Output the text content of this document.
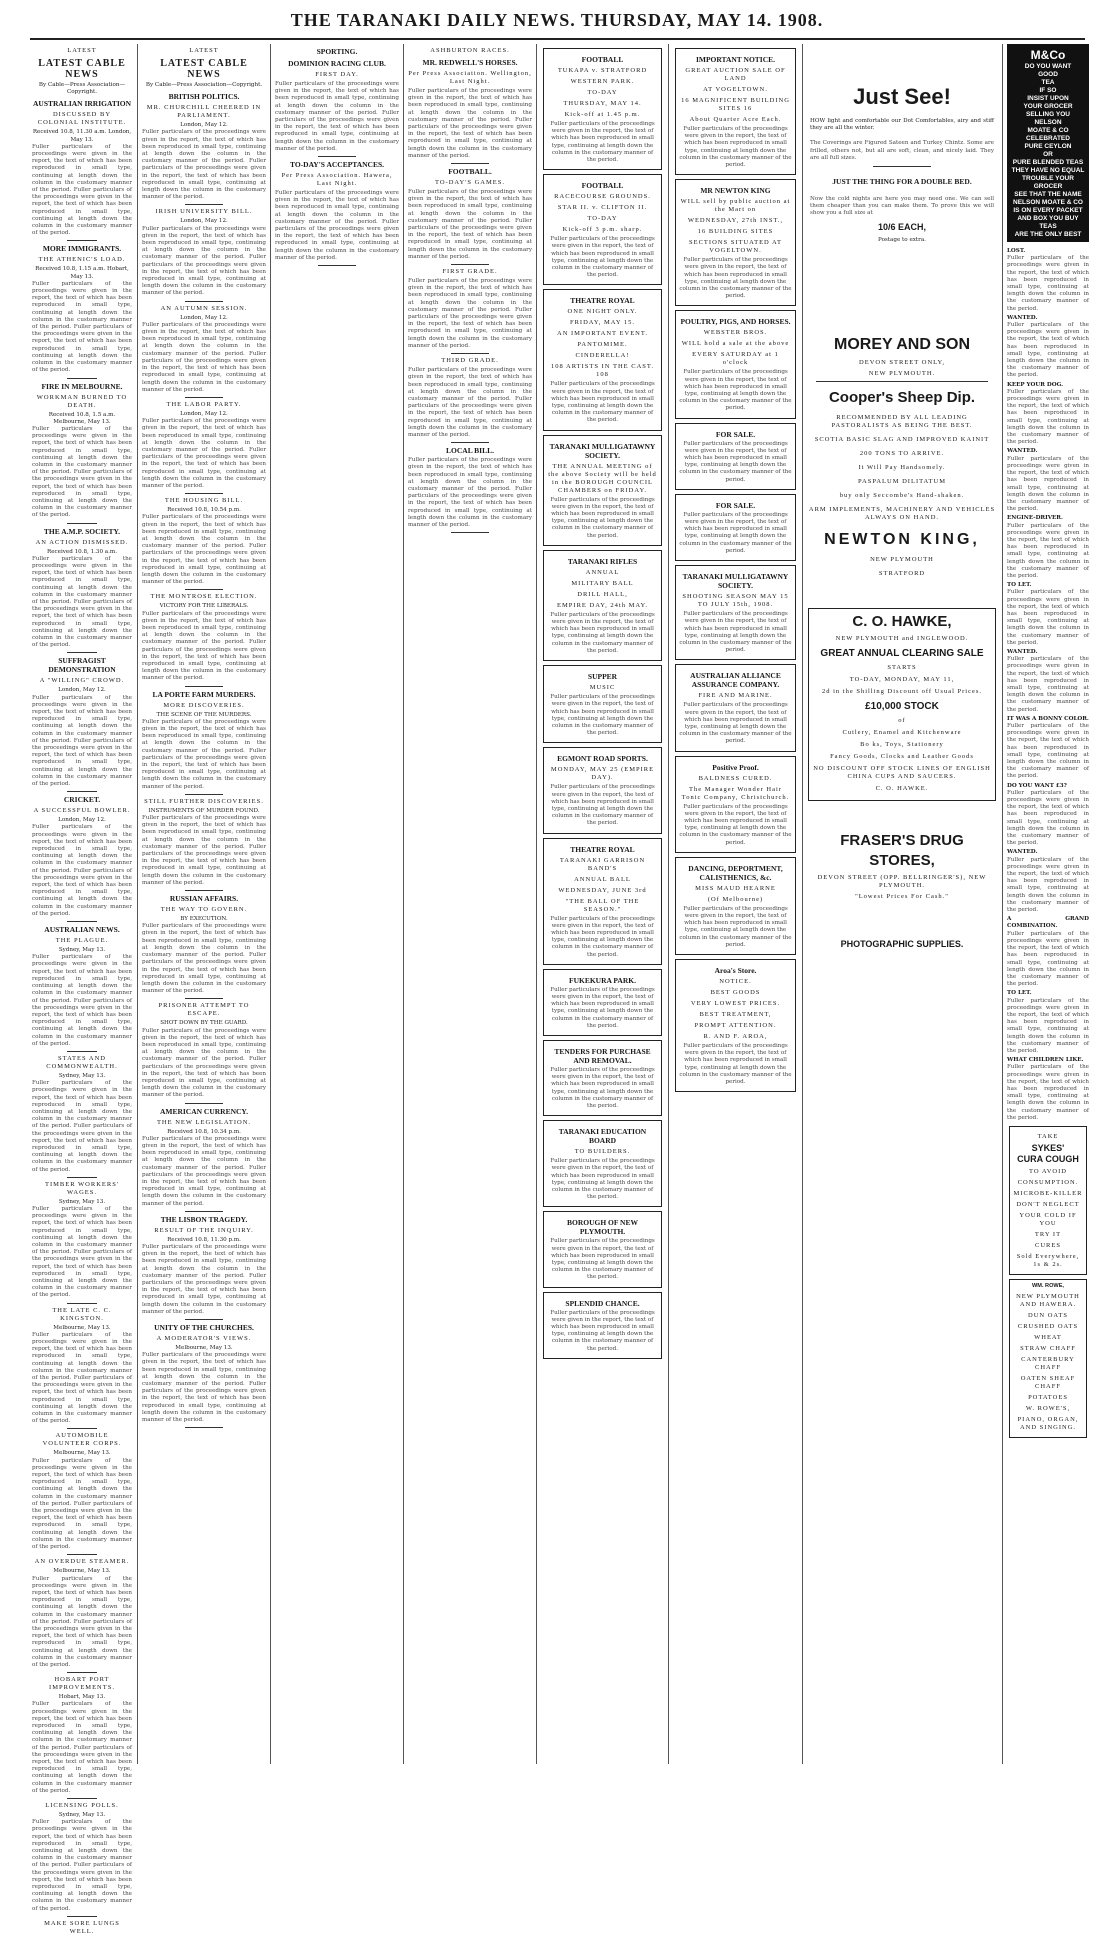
THE TARANAKI DAILY NEWS. THURSDAY, MAY 14. 1908.
LATEST
LATEST CABLE NEWS
By Cable—Press Association—Copyright.
AUSTRALIAN IRRIGATION
DISCUSSED BY COLONIAL INSTITUTE.
Received 10.8, 11.30 a.m. London, May 13.

Fuller particulars of the proceedings were given in the report, the text of which has been reproduced in small type, continuing at length down the column in the customary manner of the period. Fuller particulars of the proceedings were given in the report, the text of which has been reproduced in small type, continuing at length down the column in the customary manner of the period.

MORE IMMIGRANTS.
THE ATHENIC'S LOAD.
Received 10.8, 1.15 a.m. Hobart, May 13.

Fuller particulars of the proceedings were given in the report, the text of which has been reproduced in small type, continuing at length down the column in the customary manner of the period. Fuller particulars of the proceedings were given in the report, the text of which has been reproduced in small type, continuing at length down the column in the customary manner of the period.

FIRE IN MELBOURNE.
WORKMAN BURNED TO DEATH.
Received 10.8, 1.5 a.m. Melbourne, May 13.

Fuller particulars of the proceedings were given in the report, the text of which has been reproduced in small type, continuing at length down the column in the customary manner of the period. Fuller particulars of the proceedings were given in the report, the text of which has been reproduced in small type, continuing at length down the column in the customary manner of the period.

THE A.M.P. SOCIETY.
AN ACTION DISMISSED.
Received 10.8, 1.30 a.m.

Fuller particulars of the proceedings were given in the report, the text of which has been reproduced in small type, continuing at length down the column in the customary manner of the period. Fuller particulars of the proceedings were given in the report, the text of which has been reproduced in small type, continuing at length down the column in the customary manner of the period.

SUFFRAGIST DEMONSTRATION
A "WILLING" CROWD.
London, May 12.

Fuller particulars of the proceedings were given in the report, the text of which has been reproduced in small type, continuing at length down the column in the customary manner of the period. Fuller particulars of the proceedings were given in the report, the text of which has been reproduced in small type, continuing at length down the column in the customary manner of the period.

CRICKET.
A SUCCESSFUL BOWLER.
London, May 12.

Fuller particulars of the proceedings were given in the report, the text of which has been reproduced in small type, continuing at length down the column in the customary manner of the period. Fuller particulars of the proceedings were given in the report, the text of which has been reproduced in small type, continuing at length down the column in the customary manner of the period.

AUSTRALIAN NEWS.
THE PLAGUE.
Sydney, May 13.

Fuller particulars of the proceedings were given in the report, the text of which has been reproduced in small type, continuing at length down the column in the customary manner of the period. Fuller particulars of the proceedings were given in the report, the text of which has been reproduced in small type, continuing at length down the column in the customary manner of the period.

STATES AND COMMONWEALTH.
Sydney, May 13.

Fuller particulars of the proceedings were given in the report, the text of which has been reproduced in small type, continuing at length down the column in the customary manner of the period. Fuller particulars of the proceedings were given in the report, the text of which has been reproduced in small type, continuing at length down the column in the customary manner of the period.

TIMBER WORKERS' WAGES.
Sydney, May 13.

Fuller particulars of the proceedings were given in the report, the text of which has been reproduced in small type, continuing at length down the column in the customary manner of the period. Fuller particulars of the proceedings were given in the report, the text of which has been reproduced in small type, continuing at length down the column in the customary manner of the period.

THE LATE C. C. KINGSTON.
Melbourne, May 13.

Fuller particulars of the proceedings were given in the report, the text of which has been reproduced in small type, continuing at length down the column in the customary manner of the period. Fuller particulars of the proceedings were given in the report, the text of which has been reproduced in small type, continuing at length down the column in the customary manner of the period.

AUTOMOBILE VOLUNTEER CORPS.
Melbourne, May 13.

Fuller particulars of the proceedings were given in the report, the text of which has been reproduced in small type, continuing at length down the column in the customary manner of the period. Fuller particulars of the proceedings were given in the report, the text of which has been reproduced in small type, continuing at length down the column in the customary manner of the period.

AN OVERDUE STEAMER.
Melbourne, May 13.

Fuller particulars of the proceedings were given in the report, the text of which has been reproduced in small type, continuing at length down the column in the customary manner of the period. Fuller particulars of the proceedings were given in the report, the text of which has been reproduced in small type, continuing at length down the column in the customary manner of the period.

HOBART PORT IMPROVEMENTS.
Hobart, May 13.

Fuller particulars of the proceedings were given in the report, the text of which has been reproduced in small type, continuing at length down the column in the customary manner of the period. Fuller particulars of the proceedings were given in the report, the text of which has been reproduced in small type, continuing at length down the column in the customary manner of the period.

LICENSING POLLS.
Sydney, May 13.

Fuller particulars of the proceedings were given in the report, the text of which has been reproduced in small type, continuing at length down the column in the customary manner of the period. Fuller particulars of the proceedings were given in the report, the text of which has been reproduced in small type, continuing at length down the column in the customary manner of the period.

MAKE SORE LUNGS WELL.
LATEST
LATEST CABLE NEWS
By Cable—Press Association—Copyright.
BRITISH POLITICS.
MR. CHURCHILL CHEERED IN PARLIAMENT.
London, May 12.

Fuller particulars of the proceedings were given in the report, the text of which has been reproduced in small type, continuing at length down the column in the customary manner of the period. Fuller particulars of the proceedings were given in the report, the text of which has been reproduced in small type, continuing at length down the column in the customary manner of the period.

IRISH UNIVERSITY BILL.
London, May 12.

Fuller particulars of the proceedings were given in the report, the text of which has been reproduced in small type, continuing at length down the column in the customary manner of the period. Fuller particulars of the proceedings were given in the report, the text of which has been reproduced in small type, continuing at length down the column in the customary manner of the period.

AN AUTUMN SESSION.
London, May 12.

Fuller particulars of the proceedings were given in the report, the text of which has been reproduced in small type, continuing at length down the column in the customary manner of the period. Fuller particulars of the proceedings were given in the report, the text of which has been reproduced in small type, continuing at length down the column in the customary manner of the period.

THE LABOR PARTY.
London, May 12.

Fuller particulars of the proceedings were given in the report, the text of which has been reproduced in small type, continuing at length down the column in the customary manner of the period. Fuller particulars of the proceedings were given in the report, the text of which has been reproduced in small type, continuing at length down the column in the customary manner of the period.

THE HOUSING BILL.
Received 10.8, 10.54 p.m.

Fuller particulars of the proceedings were given in the report, the text of which has been reproduced in small type, continuing at length down the column in the customary manner of the period. Fuller particulars of the proceedings were given in the report, the text of which has been reproduced in small type, continuing at length down the column in the customary manner of the period.

THE MONTROSE ELECTION.
VICTORY FOR THE LIBERALS.

Fuller particulars of the proceedings were given in the report, the text of which has been reproduced in small type, continuing at length down the column in the customary manner of the period. Fuller particulars of the proceedings were given in the report, the text of which has been reproduced in small type, continuing at length down the column in the customary manner of the period.

LA PORTE FARM MURDERS.
MORE DISCOVERIES.
THE SCENE OF THE MURDERS.

Fuller particulars of the proceedings were given in the report, the text of which has been reproduced in small type, continuing at length down the column in the customary manner of the period. Fuller particulars of the proceedings were given in the report, the text of which has been reproduced in small type, continuing at length down the column in the customary manner of the period.

STILL FURTHER DISCOVERIES.
INSTRUMENTS OF MURDER FOUND.

Fuller particulars of the proceedings were given in the report, the text of which has been reproduced in small type, continuing at length down the column in the customary manner of the period. Fuller particulars of the proceedings were given in the report, the text of which has been reproduced in small type, continuing at length down the column in the customary manner of the period.

RUSSIAN AFFAIRS.
THE WAY TO GOVERN.
BY EXECUTION.

Fuller particulars of the proceedings were given in the report, the text of which has been reproduced in small type, continuing at length down the column in the customary manner of the period. Fuller particulars of the proceedings were given in the report, the text of which has been reproduced in small type, continuing at length down the column in the customary manner of the period.

PRISONER ATTEMPT TO ESCAPE.
SHOT DOWN BY THE GUARD.

Fuller particulars of the proceedings were given in the report, the text of which has been reproduced in small type, continuing at length down the column in the customary manner of the period. Fuller particulars of the proceedings were given in the report, the text of which has been reproduced in small type, continuing at length down the column in the customary manner of the period.

AMERICAN CURRENCY.
THE NEW LEGISLATION.
Received 10.8, 10.34 p.m.

Fuller particulars of the proceedings were given in the report, the text of which has been reproduced in small type, continuing at length down the column in the customary manner of the period. Fuller particulars of the proceedings were given in the report, the text of which has been reproduced in small type, continuing at length down the column in the customary manner of the period.

THE LISBON TRAGEDY.
RESULT OF THE INQUIRY.
Received 10.8, 11.30 p.m.

Fuller particulars of the proceedings were given in the report, the text of which has been reproduced in small type, continuing at length down the column in the customary manner of the period. Fuller particulars of the proceedings were given in the report, the text of which has been reproduced in small type, continuing at length down the column in the customary manner of the period.

UNITY OF THE CHURCHES.
A MODERATOR'S VIEWS.
Melbourne, May 13.

Fuller particulars of the proceedings were given in the report, the text of which has been reproduced in small type, continuing at length down the column in the customary manner of the period. Fuller particulars of the proceedings were given in the report, the text of which has been reproduced in small type, continuing at length down the column in the customary manner of the period.

SPORTING.
DOMINION RACING CLUB.
FIRST DAY.

Fuller particulars of the proceedings were given in the report, the text of which has been reproduced in small type, continuing at length down the column in the customary manner of the period. Fuller particulars of the proceedings were given in the report, the text of which has been reproduced in small type, continuing at length down the column in the customary manner of the period.

TO-DAY'S ACCEPTANCES.
Per Press Association. Hawera, Last Night.

Fuller particulars of the proceedings were given in the report, the text of which has been reproduced in small type, continuing at length down the column in the customary manner of the period. Fuller particulars of the proceedings were given in the report, the text of which has been reproduced in small type, continuing at length down the column in the customary manner of the period.

ASHBURTON RACES.
MR. REDWELL'S HORSES.
Per Press Association. Wellington, Last Night.

Fuller particulars of the proceedings were given in the report, the text of which has been reproduced in small type, continuing at length down the column in the customary manner of the period. Fuller particulars of the proceedings were given in the report, the text of which has been reproduced in small type, continuing at length down the column in the customary manner of the period.

FOOTBALL.
TO-DAY'S GAMES.

Fuller particulars of the proceedings were given in the report, the text of which has been reproduced in small type, continuing at length down the column in the customary manner of the period. Fuller particulars of the proceedings were given in the report, the text of which has been reproduced in small type, continuing at length down the column in the customary manner of the period.

FIRST GRADE.

Fuller particulars of the proceedings were given in the report, the text of which has been reproduced in small type, continuing at length down the column in the customary manner of the period. Fuller particulars of the proceedings were given in the report, the text of which has been reproduced in small type, continuing at length down the column in the customary manner of the period.

THIRD GRADE.

Fuller particulars of the proceedings were given in the report, the text of which has been reproduced in small type, continuing at length down the column in the customary manner of the period. Fuller particulars of the proceedings were given in the report, the text of which has been reproduced in small type, continuing at length down the column in the customary manner of the period.

LOCAL BILL.

Fuller particulars of the proceedings were given in the report, the text of which has been reproduced in small type, continuing at length down the column in the customary manner of the period. Fuller particulars of the proceedings were given in the report, the text of which has been reproduced in small type, continuing at length down the column in the customary manner of the period.

FOOTBALL
TUKAPA v. STRATFORD
WESTERN PARK.
TO-DAY
THURSDAY, MAY 14.
Kick-off at 1.45 p.m.

Fuller particulars of the proceedings were given in the report, the text of which has been reproduced in small type, continuing at length down the column in the customary manner of the period.

FOOTBALL
RACECOURSE GROUNDS.
STAR II. v. CLIFTON II.
TO-DAY
Kick-off 3 p.m. sharp.

Fuller particulars of the proceedings were given in the report, the text of which has been reproduced in small type, continuing at length down the column in the customary manner of the period.

THEATRE ROYAL
ONE NIGHT ONLY.
FRIDAY, MAY 15.
AN IMPORTANT EVENT.
PANTOMIME.
CINDERELLA!
108 ARTISTS IN THE CAST. 108

Fuller particulars of the proceedings were given in the report, the text of which has been reproduced in small type, continuing at length down the column in the customary manner of the period.

TARANAKI MULLIGATAWNY SOCIETY.
THE ANNUAL MEETING of the above Society will be held in the BOROUGH COUNCIL CHAMBERS on FRIDAY.

Fuller particulars of the proceedings were given in the report, the text of which has been reproduced in small type, continuing at length down the column in the customary manner of the period.

TARANAKI RIFLES
ANNUAL
MILITARY BALL
DRILL HALL,
EMPIRE DAY, 24th MAY.

Fuller particulars of the proceedings were given in the report, the text of which has been reproduced in small type, continuing at length down the column in the customary manner of the period.

SUPPER
MUSIC

Fuller particulars of the proceedings were given in the report, the text of which has been reproduced in small type, continuing at length down the column in the customary manner of the period.

EGMONT ROAD SPORTS.
MONDAY, MAY 25 (EMPIRE DAY).

Fuller particulars of the proceedings were given in the report, the text of which has been reproduced in small type, continuing at length down the column in the customary manner of the period.

THEATRE ROYAL
TARANAKI GARRISON BAND'S
ANNUAL BALL
WEDNESDAY, JUNE 3rd
"THE BALL OF THE SEASON."

Fuller particulars of the proceedings were given in the report, the text of which has been reproduced in small type, continuing at length down the column in the customary manner of the period.

FUKEKURA PARK.

Fuller particulars of the proceedings were given in the report, the text of which has been reproduced in small type, continuing at length down the column in the customary manner of the period.

TENDERS FOR PURCHASE AND REMOVAL.

Fuller particulars of the proceedings were given in the report, the text of which has been reproduced in small type, continuing at length down the column in the customary manner of the period.

TARANAKI EDUCATION BOARD
TO BUILDERS.

Fuller particulars of the proceedings were given in the report, the text of which has been reproduced in small type, continuing at length down the column in the customary manner of the period.

BOROUGH OF NEW PLYMOUTH.

Fuller particulars of the proceedings were given in the report, the text of which has been reproduced in small type, continuing at length down the column in the customary manner of the period.

SPLENDID CHANCE.

Fuller particulars of the proceedings were given in the report, the text of which has been reproduced in small type, continuing at length down the column in the customary manner of the period.

IMPORTANT NOTICE.
GREAT AUCTION SALE OF LAND
AT VOGELTOWN.
16 MAGNIFICENT BUILDING SITES 16
About Quarter Acre Each.

Fuller particulars of the proceedings were given in the report, the text of which has been reproduced in small type, continuing at length down the column in the customary manner of the period.

MR NEWTON KING
WILL sell by public auction at the Mart on
WEDNESDAY, 27th INST.,
16 BUILDING SITES
SECTIONS SITUATED AT VOGELTOWN.

Fuller particulars of the proceedings were given in the report, the text of which has been reproduced in small type, continuing at length down the column in the customary manner of the period.

POULTRY, PIGS, AND HORSES.
WEBSTER BROS.
WILL hold a sale at the above
EVERY SATURDAY at 1 o'clock

Fuller particulars of the proceedings were given in the report, the text of which has been reproduced in small type, continuing at length down the column in the customary manner of the period.

FOR SALE.

Fuller particulars of the proceedings were given in the report, the text of which has been reproduced in small type, continuing at length down the column in the customary manner of the period.

FOR SALE.

Fuller particulars of the proceedings were given in the report, the text of which has been reproduced in small type, continuing at length down the column in the customary manner of the period.

TARANAKI MULLIGATAWNY SOCIETY.
SHOOTING SEASON MAY 15 TO JULY 15th, 1908.

Fuller particulars of the proceedings were given in the report, the text of which has been reproduced in small type, continuing at length down the column in the customary manner of the period.

AUSTRALIAN ALLIANCE ASSURANCE COMPANY.
FIRE AND MARINE.

Fuller particulars of the proceedings were given in the report, the text of which has been reproduced in small type, continuing at length down the column in the customary manner of the period.

Positive Proof.
BALDNESS CURED.
The Manager Wonder Hair Tonic Company, Christchurch.

Fuller particulars of the proceedings were given in the report, the text of which has been reproduced in small type, continuing at length down the column in the customary manner of the period.

DANCING, DEPORTMENT, CALISTHENICS, &c.
MISS MAUD HEARNE
(Of Melbourne)

Fuller particulars of the proceedings were given in the report, the text of which has been reproduced in small type, continuing at length down the column in the customary manner of the period.

Aroa's Store.
NOTICE.
BEST GOODS
VERY LOWEST PRICES.
BEST TREATMENT,
PROMPT ATTENTION.
R. AND F. AROA,

Fuller particulars of the proceedings were given in the report, the text of which has been reproduced in small type, continuing at length down the column in the customary manner of the period.

Just See!
HOW light and comfortable our Dot Comfortables, airy and stiff they are all the winter.
The Coverings are Figured Sateen and Turkey Chintz. Some are frilled, others not, but all are soft, clean, and nicely laid. They are all full sizes.
JUST THE THING FOR A DOUBLE BED.
Now the cold nights are here you may need one. We can sell them cheaper than you can make them. To prove this we will show you a full size at
10/6 EACH,
Postage to extra.
MOREY AND SON
DEVON STREET ONLY,
NEW PLYMOUTH.
Cooper's Sheep Dip.
RECOMMENDED BY ALL LEADING PASTORALISTS AS BEING THE BEST.
SCOTIA BASIC SLAG AND IMPROVED KAINIT
200 TONS TO ARRIVE.
It Will Pay Handsomely.
PASPALUM DILITATUM
buy only Seccombe's Hand-shaken.
ARM IMPLEMENTS, MACHINERY AND VEHICLES ALWAYS ON HAND.
NEWTON KING,
NEW PLYMOUTH
STRATFORD
C. O. HAWKE,
NEW PLYMOUTH and INGLEWOOD.
GREAT ANNUAL CLEARING SALE
STARTS
TO-DAY, MONDAY, MAY 11,
2d in the Shilling Discount off Usual Prices.
£10,000 STOCK
of
Cutlery, Enamel and Kitchenware
Bo ks, Toys, Stationery
Fancy Goods, Clocks and Leather Goods
NO DISCOUNT OFF STOCK LINES OF ENGLISH CHINA CUPS AND SAUCERS.
C. O. HAWKE.
FRASER'S DRUG STORES,
DEVON STREET (OPP. BELLRINGER'S), NEW PLYMOUTH.
"Lowest Prices For Cash."
PHOTOGRAPHIC SUPPLIES.
M&Co
DO YOU WANT
GOOD
TEA
IF SO
INSIST UPON
YOUR GROCER
SELLING YOU
NELSON
MOATE & CO
CELEBRATED
PURE CEYLON
OR
PURE BLENDED TEAS
THEY HAVE NO EQUAL
TROUBLE YOUR GROCER
SEE THAT THE NAME
NELSON MOATE & CO
IS ON EVERY PACKET
AND BOX YOU BUY
TEAS
ARE THE ONLY BEST
LOST.

Fuller particulars of the proceedings were given in the report, the text of which has been reproduced in small type, continuing at length down the column in the customary manner of the period.

WANTED.

Fuller particulars of the proceedings were given in the report, the text of which has been reproduced in small type, continuing at length down the column in the customary manner of the period.

KEEP YOUR DOG.

Fuller particulars of the proceedings were given in the report, the text of which has been reproduced in small type, continuing at length down the column in the customary manner of the period.

WANTED.

Fuller particulars of the proceedings were given in the report, the text of which has been reproduced in small type, continuing at length down the column in the customary manner of the period.

ENGINE-DRIVER.

Fuller particulars of the proceedings were given in the report, the text of which has been reproduced in small type, continuing at length down the column in the customary manner of the period.

TO LET.

Fuller particulars of the proceedings were given in the report, the text of which has been reproduced in small type, continuing at length down the column in the customary manner of the period.

WANTED.

Fuller particulars of the proceedings were given in the report, the text of which has been reproduced in small type, continuing at length down the column in the customary manner of the period.

IT WAS A BONNY COLOR.

Fuller particulars of the proceedings were given in the report, the text of which has been reproduced in small type, continuing at length down the column in the customary manner of the period.

DO YOU WANT £3?

Fuller particulars of the proceedings were given in the report, the text of which has been reproduced in small type, continuing at length down the column in the customary manner of the period.

WANTED.

Fuller particulars of the proceedings were given in the report, the text of which has been reproduced in small type, continuing at length down the column in the customary manner of the period.

A GRAND COMBINATION.

Fuller particulars of the proceedings were given in the report, the text of which has been reproduced in small type, continuing at length down the column in the customary manner of the period.

TO LET.

Fuller particulars of the proceedings were given in the report, the text of which has been reproduced in small type, continuing at length down the column in the customary manner of the period.

WHAT CHILDREN LIKE.

Fuller particulars of the proceedings were given in the report, the text of which has been reproduced in small type, continuing at length down the column in the customary manner of the period.

TAKE
SYKES'
CURA COUGH
TO AVOID
CONSUMPTION.
MICROBE-KILLER
DON'T NEGLECT
YOUR COLD IF YOU
TRY IT
CURES
Sold Everywhere, 1s & 2s.
WM. ROWE,
NEW PLYMOUTH AND HAWERA.
DUN OATS
CRUSHED OATS
WHEAT
STRAW CHAFF
CANTERBURY CHAFF
OATEN SHEAF CHAFF
POTATOES
W. ROWE'S,
PIANO, ORGAN, AND SINGING.
